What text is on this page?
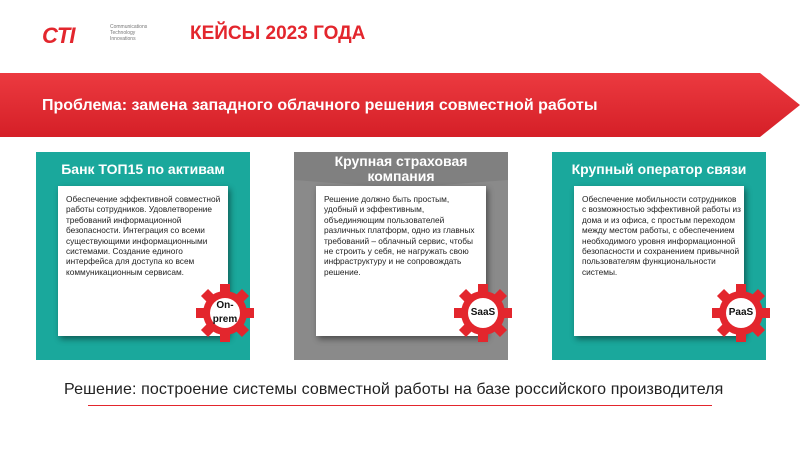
CTI	Communications
Technology
Innovations	КЕЙСЫ 2023 ГОДА
Проблема: замена западного облачного решения совместной работы
Банк ТОП15 по активам
Обеспечение эффективной совместной работы сотрудников. Удовлетворение требований информационной безопасности. Интеграция со всеми существующими информационными системами. Создание единого интерфейса для доступа ко всем коммуникационным сервисам.
On-prem
Крупная страховая компания
Решение должно быть простым, удобный и эффективным, объединяющим пользователей различных платформ, одно из главных требований – облачный сервис, чтобы не строить у себя, не нагружать свою инфраструктуру и не сопровождать решение.
SaaS
Крупный оператор связи
Обеспечение мобильности сотрудников с возможностью эффективной работы из дома и из офиса, с простым переходом между местом работы, с обеспечением необходимого уровня информационной безопасности и сохранением привычной пользователям функциональности системы.
PaaS
Решение: построение системы совместной работы на базе российского производителя
